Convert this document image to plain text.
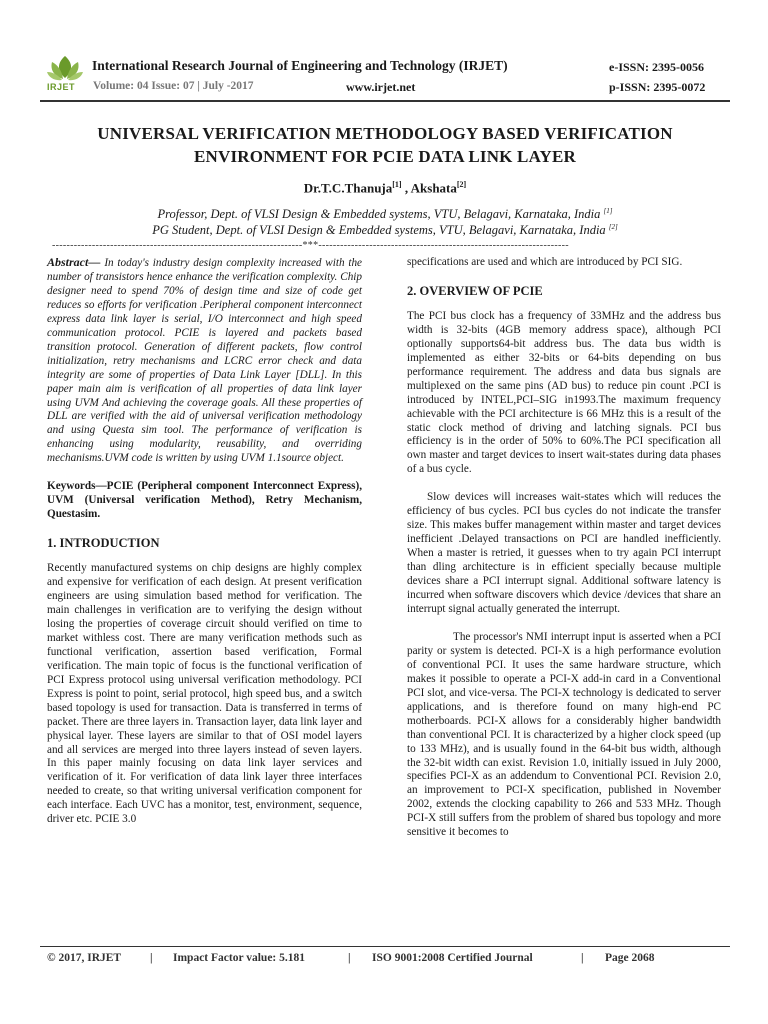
IRJET
International Research Journal of Engineering and Technology (IRJET)	e-ISSN: 2395-0056
Volume: 04 Issue: 07 | July -2017	www.irjet.net	p-ISSN: 2395-0072
UNIVERSAL VERIFICATION METHODOLOGY BASED VERIFICATION
ENVIRONMENT FOR PCIE DATA LINK LAYER
Dr.T.C.Thanuja[1] , Akshata[2]
Professor, Dept. of VLSI Design & Embedded systems, VTU, Belagavi, Karnataka, India [1]
PG Student, Dept. of VLSI Design & Embedded systems, VTU, Belagavi, Karnataka, India [2]
---------------------------------------------------------------------***---------------------------------------------------------------------
Abstract— In today's industry design complexity increased with the number of transistors hence enhance the verification complexity. Chip designer need to spend 70% of design time and size of code get reduces so efforts for verification .Peripheral component interconnect express data link layer is serial, I/O interconnect and high speed communication protocol. PCIE is layered and packets based transition protocol. Generation of different packets, flow control initialization, retry mechanisms and LCRC error check and data integrity are some of properties of Data Link Layer [DLL]. In this paper main aim is verification of all properties of data link layer using UVM And achieving the coverage goals. All these properties of DLL are verified with the aid of universal verification methodology and using Questa sim tool. The performance of verification is enhancing using modularity, reusability, and overriding mechanisms.UVM code is written by using UVM 1.1source object.
Keywords—PCIE (Peripheral component Interconnect Express), UVM (Universal verification Method), Retry Mechanism, Questasim.
1. INTRODUCTION
Recently manufactured systems on chip designs are highly complex and expensive for verification of each design. At present verification engineers are using simulation based method for verification. The main challenges in verification are to verifying the design without losing the properties of coverage circuit should verified on time to market withless cost. There are many verification methods such as functional verification, assertion based verification, Formal verification. The main topic of focus is the functional verification of PCI Express protocol using universal verification methodology. PCI Express is point to point, serial protocol, high speed bus, and a switch based topology is used for transaction. Data is transferred in terms of packet. There are three layers in. Transaction layer, data link layer and physical layer. These layers are similar to that of OSI model layers and all services are merged into three layers instead of seven layers. In this paper mainly focusing on data link layer services and verification of it. For verification of data link layer three interfaces needed to create, so that writing universal verification component for each interface. Each UVC has a monitor, test, environment, sequence, driver etc. PCIE 3.0
specifications are used and which are introduced by PCI SIG.
2. OVERVIEW OF PCIE
The PCI bus clock has a frequency of 33MHz and the address bus width is 32-bits (4GB memory address space), although PCI optionally supports64-bit address bus. The data bus width is implemented as either 32-bits or 64-bits depending on bus performance requirement. The address and data bus signals are multiplexed on the same pins (AD bus) to reduce pin count .PCI is introduced by INTEL,PCI–SIG in1993.The maximum frequency achievable with the PCI architecture is 66 MHz this is a result of the static clock method of driving and latching signals. PCI bus efficiency is in the order of 50% to 60%.The PCI specification all own master and target devices to insert wait-states during data phases of a bus cycle.
Slow devices will increases wait-states which will reduces the efficiency of bus cycles. PCI bus cycles do not indicate the transfer size. This makes buffer management within master and target devices inefficient .Delayed transactions on PCI are handled inefficiently. When a master is retried, it guesses when to try again PCI interrupt than dling architecture is in efficient specially because multiple devices share a PCI interrupt signal. Additional software latency is incurred when software discovers which device /devices that share an interrupt signal actually generated the interrupt.
The processor's NMI interrupt input is asserted when a PCI parity or system is detected. PCI-X is a high performance evolution of conventional PCI. It uses the same hardware structure, which makes it possible to operate a PCI-X add-in card in a Conventional PCI slot, and vice-versa. The PCI-X technology is dedicated to server applications, and is therefore found on many high-end PC motherboards. PCI-X allows for a considerably higher bandwidth than conventional PCI. It is characterized by a higher clock speed (up to 133 MHz), and is usually found in the 64-bit bus width, although the 32-bit width can exist. Revision 1.0, initially issued in July 2000, specifies PCI-X as an addendum to Conventional PCI. Revision 2.0, an improvement to PCI-X specification, published in November 2002, extends the clocking capability to 266 and 533 MHz. Though PCI-X still suffers from the problem of shared bus topology and more sensitive it becomes to
© 2017, IRJET	| Impact Factor value: 5.181	| ISO 9001:2008 Certified Journal	| Page 2068
